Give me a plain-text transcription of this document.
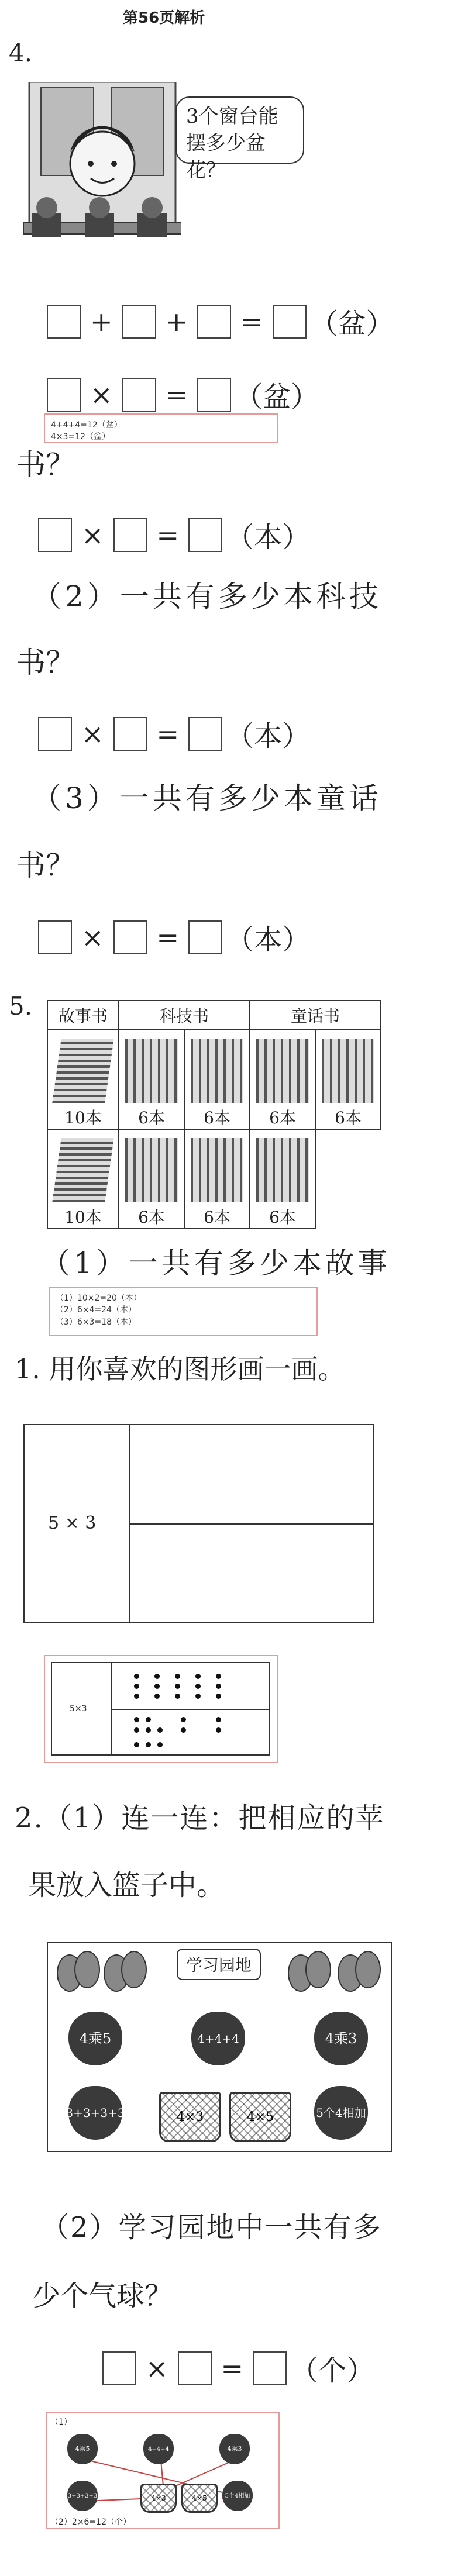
第56页解析
4.
3个窗台能摆多少盆花？
+ + = （盆）
× = （盆）
4+4+4=12（盆）
4×3=12（盆）
书？
× = （本）
（2）一共有多少本科技
书？
× = （本）
（3）一共有多少本童话
书？
× = （本）
5. 故事书	科技书		童话书	

10本	6本	6本	6本	6本

10本	6本	6本	6本	

（1）一共有多少本故事
（1）10×2=20（本）
（2）6×4=24（本）
（3）6×3=18（本）
1. 用你喜欢的图形画一画。
5 × 3
5×3
2.（1）连一连：把相应的苹
果放入篮子中。
学习园地
4乘5	4+4+4	4乘3
3+3+3+3	4×3	4×5	5个4相加
（2）学习园地中一共有多
少个气球？
× = （个）
（1）
4乘5	4+4+4	4乘3
3+3+3+3	4×3	4×5	5个4相加
（2）2×6=12（个）
